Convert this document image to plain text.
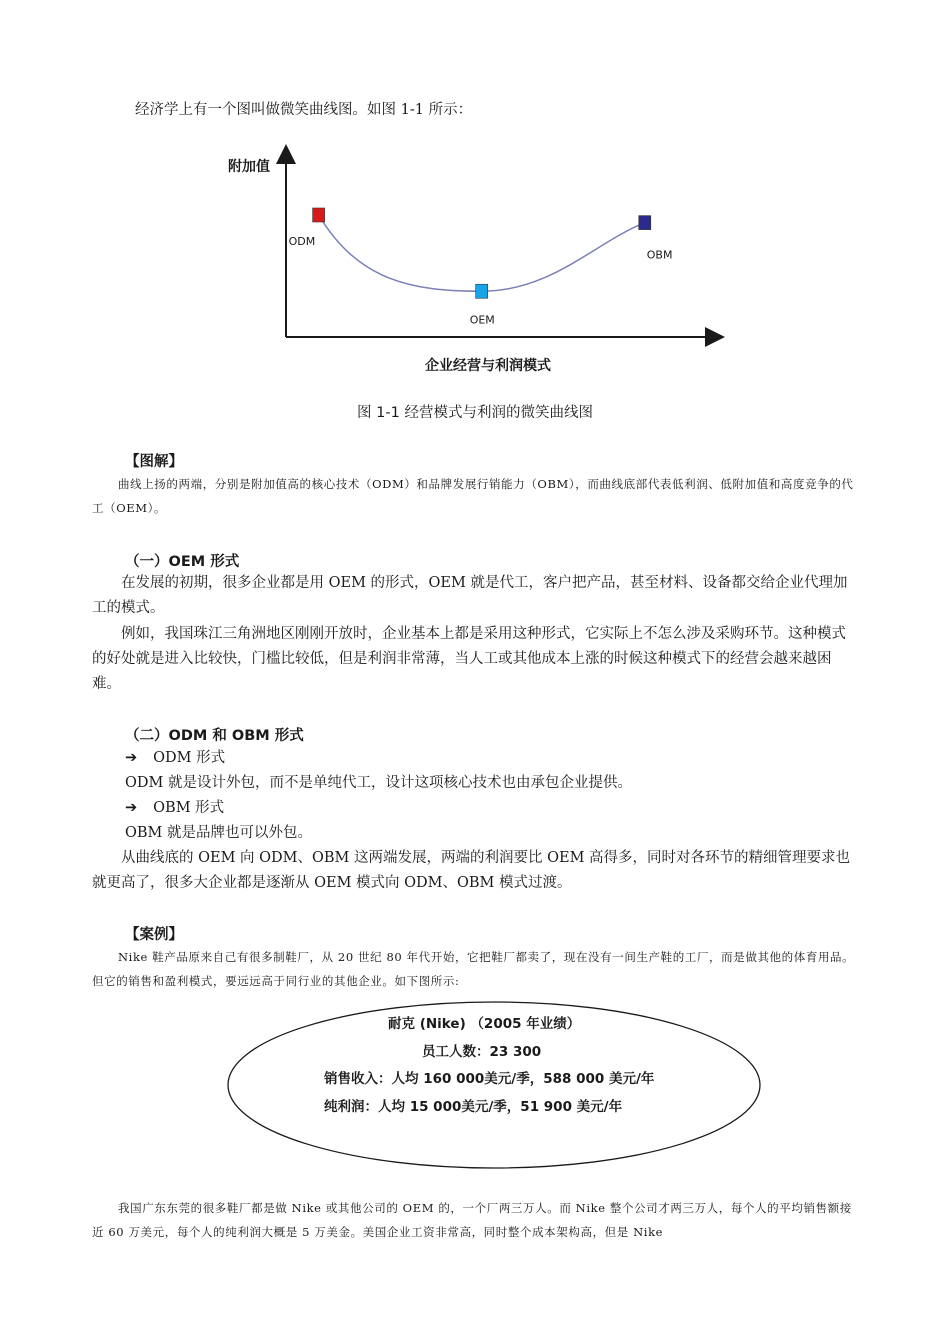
经济学上有一个图叫做微笑曲线图。如图 1-1 所示：
附加值
企业经营与利润模式
ODM
OEM
OBM
图 1-1 经营模式与利润的微笑曲线图
【图解】
曲线上扬的两端，分别是附加值高的核心技术（ODM）和品牌发展行销能力（OBM），而曲线底部代表低利润、低附加值和高度竞争的代工（OEM）。
（一）OEM 形式
在发展的初期，很多企业都是用 OEM 的形式，OEM 就是代工，客户把产品，甚至材料、设备都交给企业代理加工的模式。
例如，我国珠江三角洲地区刚刚开放时，企业基本上都是采用这种形式，它实际上不怎么涉及采购环节。这种模式的好处就是进入比较快，门槛比较低，但是利润非常薄，当人工或其他成本上涨的时候这种模式下的经营会越来越困难。
（二）ODM 和 OBM 形式
➔ ODM 形式
ODM 就是设计外包，而不是单纯代工，设计这项核心技术也由承包企业提供。
➔ OBM 形式
OBM 就是品牌也可以外包。
从曲线底的 OEM 向 ODM、OBM 这两端发展，两端的利润要比 OEM 高得多，同时对各环节的精细管理要求也就更高了，很多大企业都是逐渐从 OEM 模式向 ODM、OBM 模式过渡。
【案例】
Nike 鞋产品原来自己有很多制鞋厂，从 20 世纪 80 年代开始，它把鞋厂都卖了，现在没有一间生产鞋的工厂，而是做其他的体育用品。但它的销售和盈利模式，要远远高于同行业的其他企业。如下图所示:
耐克 (Nike) （2005 年业绩）
员工人数：23 300
销售收入：人均 160 000美元/季，588 000 美元/年
纯利润：人均 15 000美元/季，51 900 美元/年
我国广东东莞的很多鞋厂都是做 Nike 或其他公司的 OEM 的，一个厂两三万人。而 Nike 整个公司才两三万人，每个人的平均销售额接近 60 万美元，每个人的纯利润大概是 5 万美金。美国企业工资非常高，同时整个成本架构高，但是 Nike
